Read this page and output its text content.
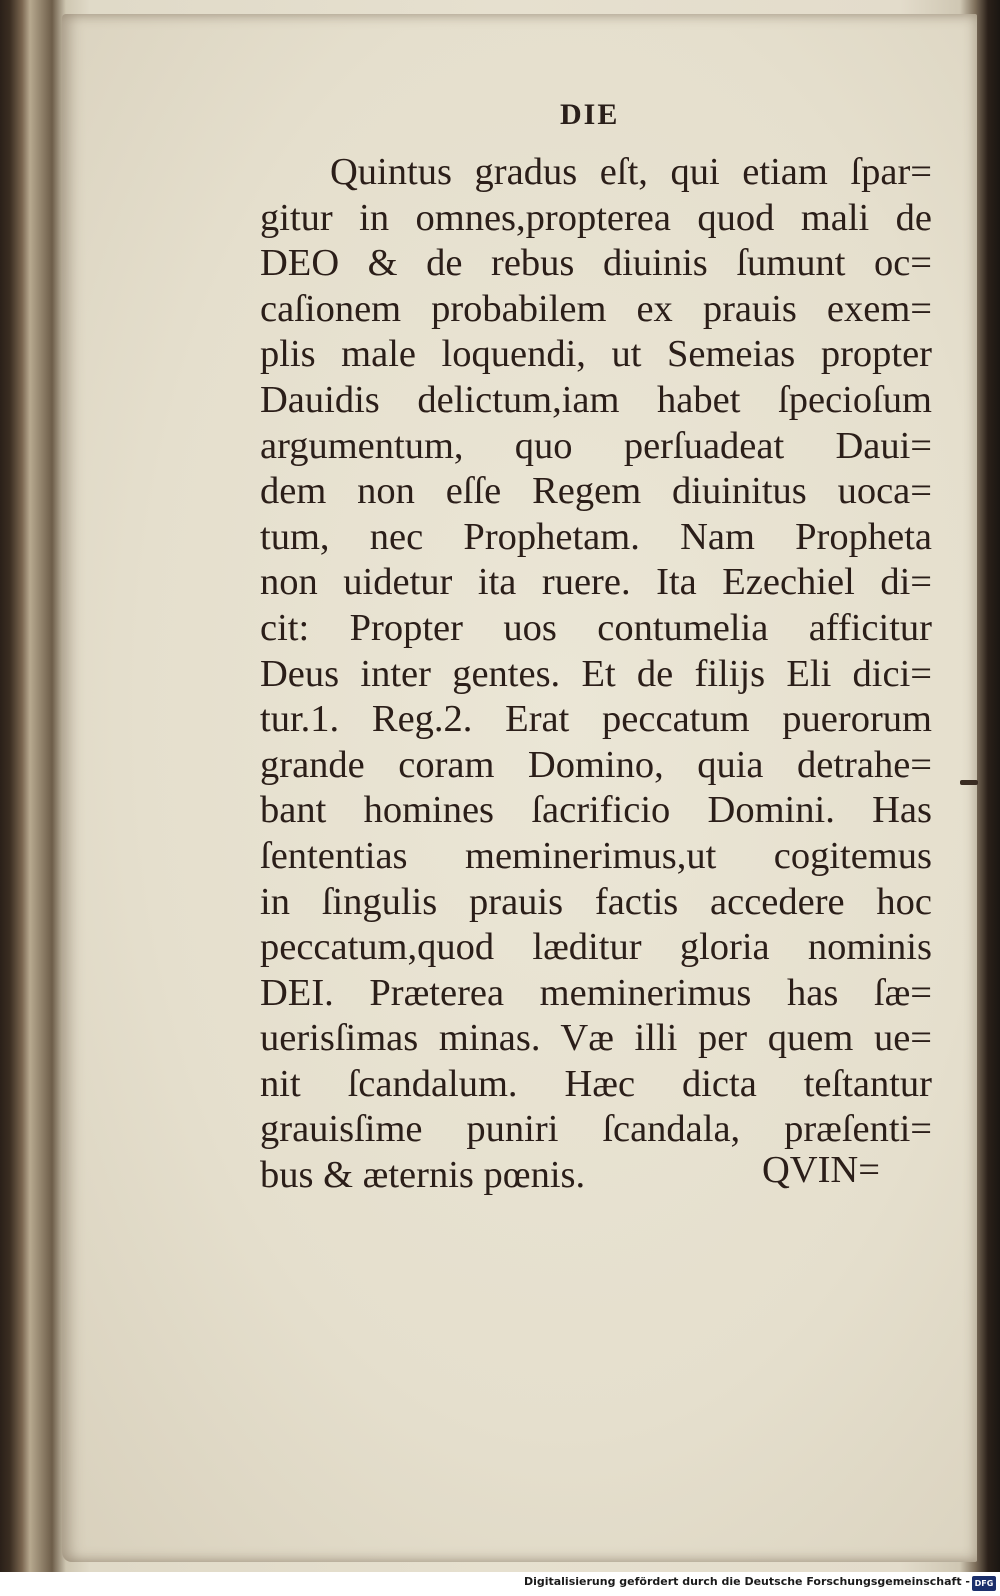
DIE
Quintus gradus eſt, qui etiam ſpar=
gitur in omnes,propterea quod mali de
DEO & de rebus diuinis ſumunt oc=
caſionem probabilem ex prauis exem=
plis male loquendi, ut Semeias propter
Dauidis delictum,iam habet ſpecioſum
argumentum, quo perſuadeat Daui=
dem non eſſe Regem diuinitus uoca=
tum, nec Prophetam. Nam Propheta
non uidetur ita ruere. Ita Ezechiel di=
cit: Propter uos contumelia afficitur
Deus inter gentes. Et de filijs Eli dici=
tur.1. Reg.2. Erat peccatum puerorum
grande coram Domino, quia detrahe=
bant homines ſacrificio Domini. Has
ſententias meminerimus,ut cogitemus
in ſingulis prauis factis accedere hoc
peccatum,quod læditur gloria nominis
DEI. Præterea meminerimus has ſæ=
uerisſimas minas. Væ illi per quem ue=
nit ſcandalum. Hæc dicta teſtantur
grauisſime puniri ſcandala, præſenti=
bus & æternis pœnis.	QVIN=
Digitalisierung gefördert durch die Deutsche Forschungsgemeinschaft - DFG
